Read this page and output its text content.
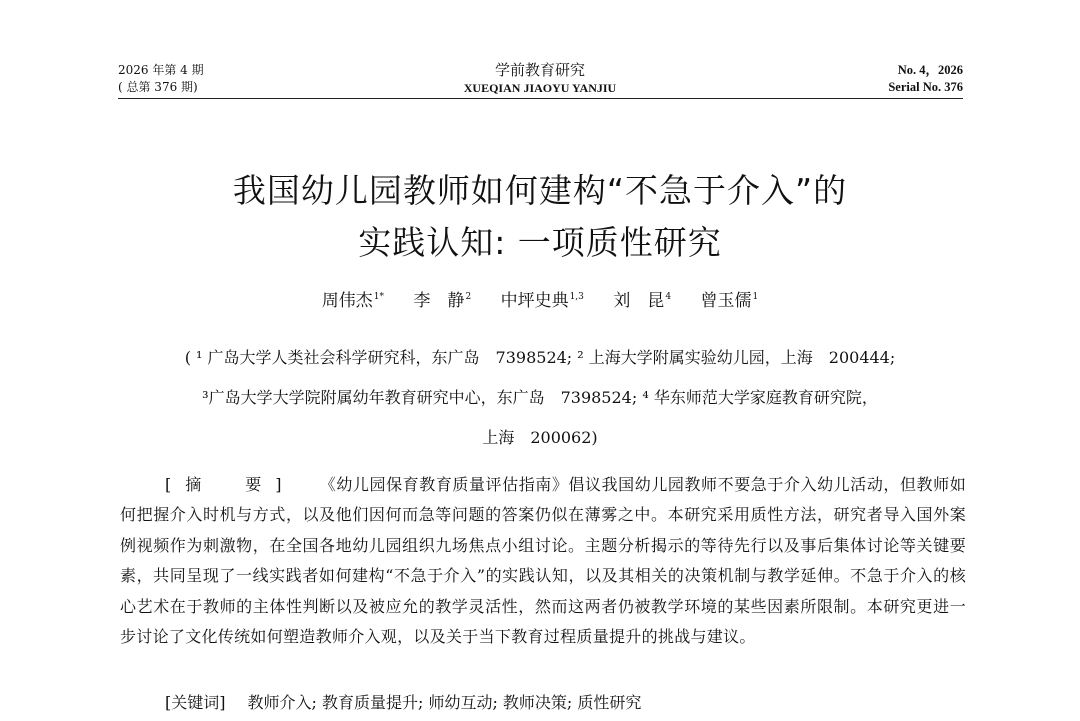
2026 年第 4 期
( 总第 376 期)
学前教育研究
XUEQIAN JIAOYU YANJIU
No. 4，2026
Serial No. 376
我国幼儿园教师如何建构“不急于介入”的
实践认知: 一项质性研究
周伟杰$^{1*}$ 李　静$^2$ 中坪史典$^{1,3}$ 刘　昆$^4$ 曾玉儒$^1$
( ¹ 广岛大学人类社会科学研究科，东广岛　7398524; ² 上海大学附属实验幼儿园，上海　200444;
³广岛大学大学院附属幼年教育研究中心，东广岛　7398524; ⁴ 华东师范大学家庭教育研究院，
上海　200062)
[摘　要] 《幼儿园保育教育质量评估指南》倡议我国幼儿园教师不要急于介入幼儿活动，但教师如何把握介入时机与方式，以及他们因何而急等问题的答案仍似在薄雾之中。本研究采用质性方法，研究者导入国外案例视频作为刺激物，在全国各地幼儿园组织九场焦点小组讨论。主题分析揭示的等待先行以及事后集体讨论等关键要素，共同呈现了一线实践者如何建构“不急于介入”的实践认知，以及其相关的决策机制与教学延伸。不急于介入的核心艺术在于教师的主体性判断以及被应允的教学灵活性，然而这两者仍被教学环境的某些因素所限制。本研究更进一步讨论了文化传统如何塑造教师介入观，以及关于当下教育过程质量提升的挑战与建议。
[关键词] 教师介入; 教育质量提升; 师幼互动; 教师决策; 质性研究
